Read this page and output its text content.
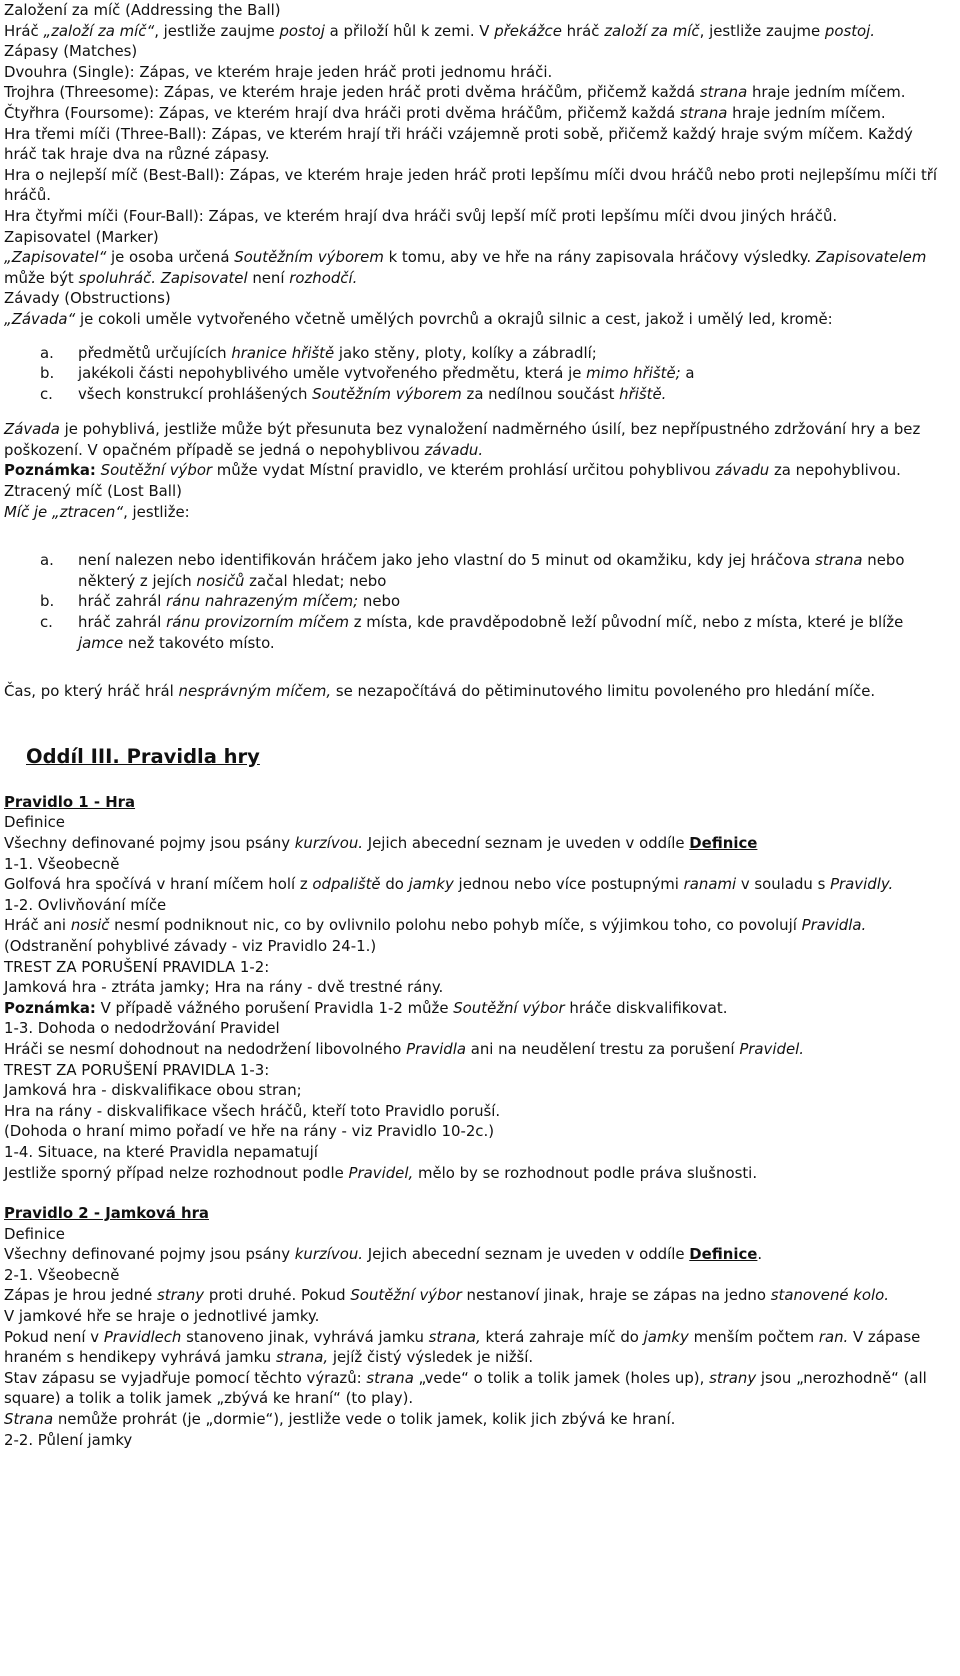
Založení za míč (Addressing the Ball)

Hráč „založí za míč“, jestliže zaujme postoj a přiloží hůl k zemi. V překážce hráč založí za míč, jestliže zaujme postoj.

Zápasy (Matches)

Dvouhra (Single): Zápas, ve kterém hraje jeden hráč proti jednomu hráči.

Trojhra (Threesome): Zápas, ve kterém hraje jeden hráč proti dvěma hráčům, přičemž každá strana hraje jedním míčem.

Čtyřhra (Foursome): Zápas, ve kterém hrají dva hráči proti dvěma hráčům, přičemž každá strana hraje jedním míčem.

Hra třemi míči (Three-Ball): Zápas, ve kterém hrají tři hráči vzájemně proti sobě, přičemž každý hraje svým míčem. Každý hráč tak hraje dva na různé zápasy.

Hra o nejlepší míč (Best-Ball): Zápas, ve kterém hraje jeden hráč proti lepšímu míči dvou hráčů nebo proti nejlepšímu míči tří hráčů.

Hra čtyřmi míči (Four-Ball): Zápas, ve kterém hrají dva hráči svůj lepší míč proti lepšímu míči dvou jiných hráčů.

Zapisovatel (Marker)

„Zapisovatel“ je osoba určená Soutěžním výborem k tomu, aby ve hře na rány zapisovala hráčovy výsledky. Zapisovatelem může být spoluhráč. Zapisovatel není rozhodčí.

Závady (Obstructions)

„Závada“ je cokoli uměle vytvořeného včetně umělých povrchů a okrajů silnic a cest, jakož i umělý led, kromě:

a.	předmětů určujících hranice hřiště jako stěny, ploty, kolíky a zábradlí;
b.	jakékoli části nepohyblivého uměle vytvořeného předmětu, která je mimo hřiště; a
c.	všech konstrukcí prohlášených Soutěžním výborem za nedílnou součást hřiště.

Závada je pohyblivá, jestliže může být přesunuta bez vynaložení nadměrného úsilí, bez nepřípustného zdržování hry a bez poškození. V opačném případě se jedná o nepohyblivou závadu.

Poznámka: Soutěžní výbor může vydat Místní pravidlo, ve kterém prohlásí určitou pohyblivou závadu za nepohyblivou.

Ztracený míč (Lost Ball)

Míč je „ztracen“, jestliže:

a.	není nalezen nebo identifikován hráčem jako jeho vlastní do 5 minut od okamžiku, kdy jej hráčova strana nebo některý z jejích nosičů začal hledat; nebo
b.	hráč zahrál ránu nahrazeným míčem; nebo
c.	hráč zahrál ránu provizorním míčem z místa, kde pravděpodobně leží původní míč, nebo z místa, které je blíže jamce než takovéto místo.

Čas, po který hráč hrál nesprávným míčem, se nezapočítává do pětiminutového limitu povoleného pro hledání míče.

Oddíl III. Pravidla hry

Pravidlo 1 - Hra

Definice

Všechny definované pojmy jsou psány kurzívou. Jejich abecední seznam je uveden v oddíle Definice

1-1. Všeobecně

Golfová hra spočívá v hraní míčem holí z odpaliště do jamky jednou nebo více postupnými ranami v souladu s Pravidly.

1-2. Ovlivňování míče

Hráč ani nosič nesmí podniknout nic, co by ovlivnilo polohu nebo pohyb míče, s výjimkou toho, co povolují Pravidla.

(Odstranění pohyblivé závady - viz Pravidlo 24-1.)

TREST ZA PORUŠENÍ PRAVIDLA 1-2:

Jamková hra - ztráta jamky; Hra na rány - dvě trestné rány.

Poznámka: V případě vážného porušení Pravidla 1-2 může Soutěžní výbor hráče diskvalifikovat.

1-3. Dohoda o nedodržování Pravidel

Hráči se nesmí dohodnout na nedodržení libovolného Pravidla ani na neudělení trestu za porušení Pravidel.

TREST ZA PORUŠENÍ PRAVIDLA 1-3:

Jamková hra - diskvalifikace obou stran;

Hra na rány - diskvalifikace všech hráčů, kteří toto Pravidlo poruší.

(Dohoda o hraní mimo pořadí ve hře na rány - viz Pravidlo 10-2c.)

1-4. Situace, na které Pravidla nepamatují

Jestliže sporný případ nelze rozhodnout podle Pravidel, mělo by se rozhodnout podle práva slušnosti.

Pravidlo 2 - Jamková hra

Definice

Všechny definované pojmy jsou psány kurzívou. Jejich abecední seznam je uveden v oddíle Definice.

2-1. Všeobecně

Zápas je hrou jedné strany proti druhé. Pokud Soutěžní výbor nestanoví jinak, hraje se zápas na jedno stanovené kolo.

V jamkové hře se hraje o jednotlivé jamky.

Pokud není v Pravidlech stanoveno jinak, vyhrává jamku strana, která zahraje míč do jamky menším počtem ran. V zápase hraném s hendikepy vyhrává jamku strana, jejíž čistý výsledek je nižší.

Stav zápasu se vyjadřuje pomocí těchto výrazů: strana „vede“ o tolik a tolik jamek (holes up), strany jsou „nerozhodně“ (all square) a tolik a tolik jamek „zbývá ke hraní“ (to play).

Strana nemůže prohrát (je „dormie“), jestliže vede o tolik jamek, kolik jich zbývá ke hraní.

2-2. Půlení jamky
